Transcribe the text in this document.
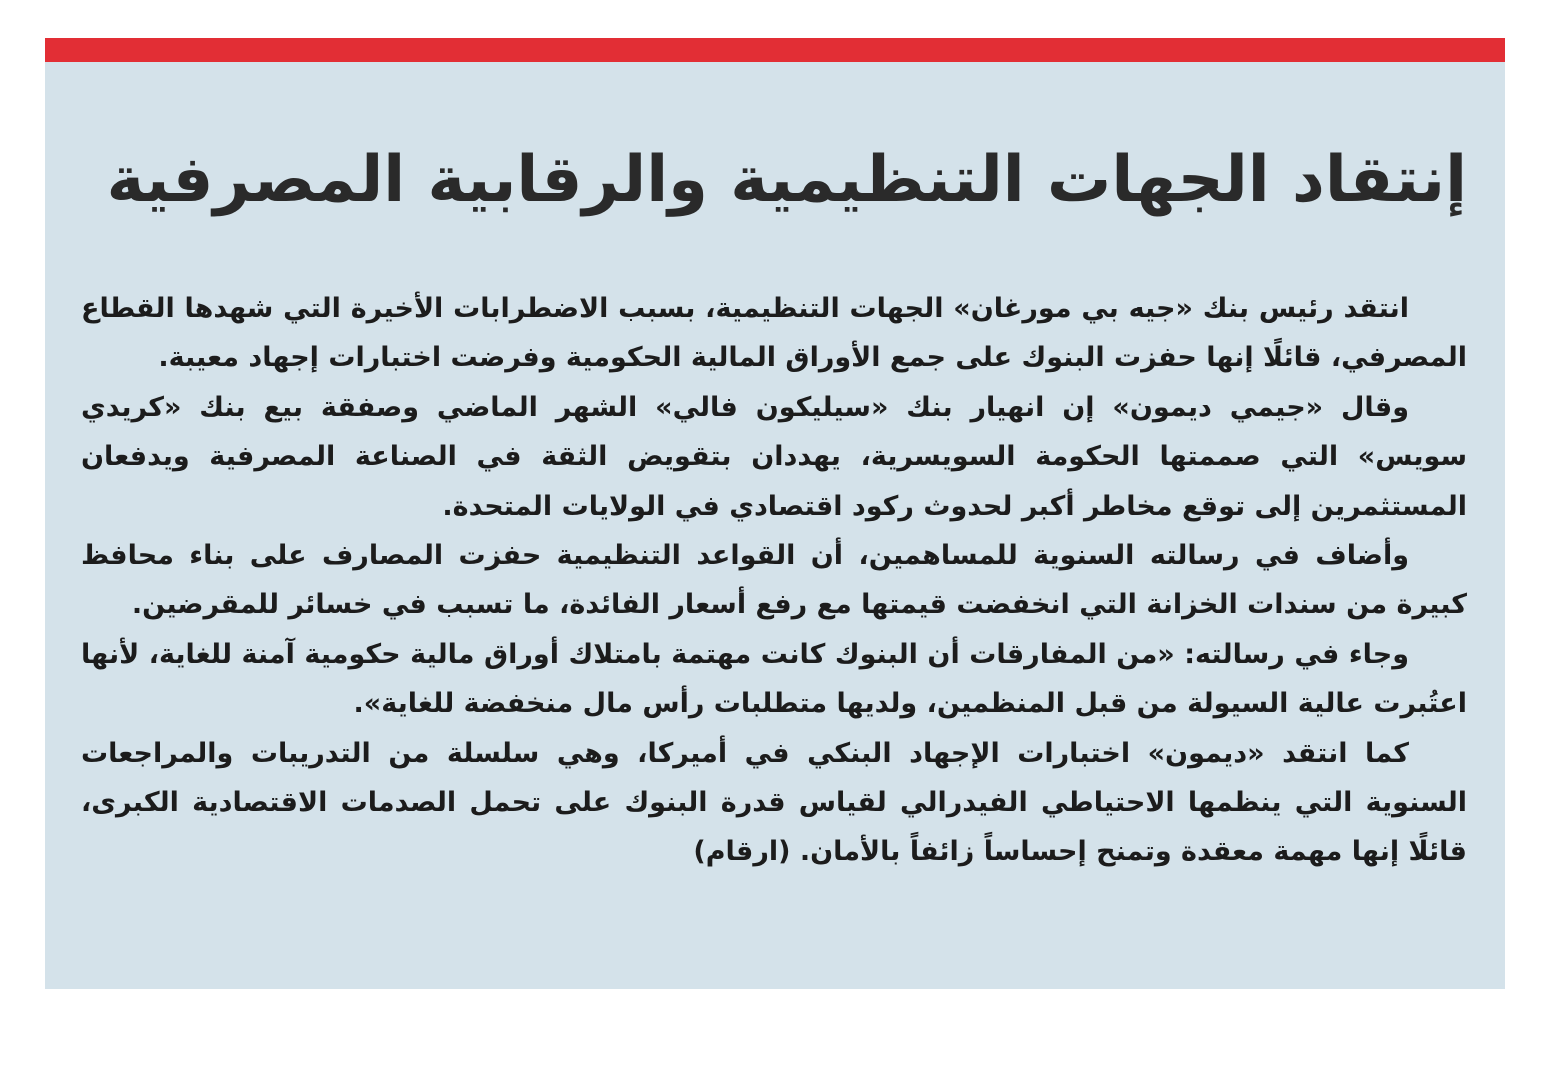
إنتقاد الجهات التنظيمية والرقابية المصرفية

انتقد رئيس بنك «جيه بي مورغان» الجهات التنظيمية، بسبب الاضطرابات الأخيرة التي شهدها القطاع المصرفي، قائلًا إنها حفزت البنوك على جمع الأوراق المالية الحكومية وفرضت اختبارات إجهاد معيبة.

وقال «جيمي ديمون» إن انهيار بنك «سيليكون فالي» الشهر الماضي وصفقة بيع بنك «كريدي سويس» التي صممتها الحكومة السويسرية، يهددان بتقويض الثقة في الصناعة المصرفية ويدفعان المستثمرين إلى توقع مخاطر أكبر لحدوث ركود اقتصادي في الولايات المتحدة.

وأضاف في رسالته السنوية للمساهمين، أن القواعد التنظيمية حفزت المصارف على بناء محافظ كبيرة من سندات الخزانة التي انخفضت قيمتها مع رفع أسعار الفائدة، ما تسبب في خسائر للمقرضين.

وجاء في رسالته: «من المفارقات أن البنوك كانت مهتمة بامتلاك أوراق مالية حكومية آمنة للغاية، لأنها اعتُبرت عالية السيولة من قبل المنظمين، ولديها متطلبات رأس مال منخفضة للغاية».

كما انتقد «ديمون» اختبارات الإجهاد البنكي في أميركا، وهي سلسلة من التدريبات والمراجعات السنوية التي ينظمها الاحتياطي الفيدرالي لقياس قدرة البنوك على تحمل الصدمات الاقتصادية الكبرى، قائلًا إنها مهمة معقدة وتمنح إحساساً زائفاً بالأمان. (ارقام)
